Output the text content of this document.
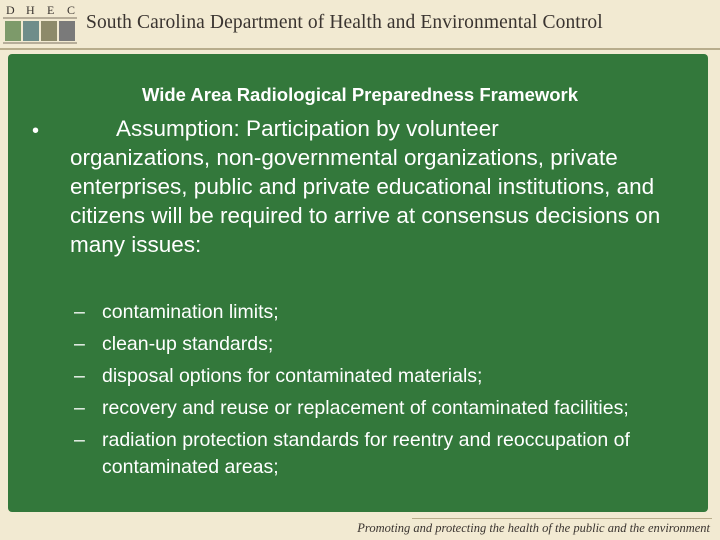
D H E C
South Carolina Department of Health and Environmental Control
Wide Area Radiological Preparedness Framework
•	Assumption: Participation by volunteer
organizations, non-governmental organizations, private enterprises, public and private educational institutions, and citizens will be required to arrive at consensus decisions on many issues:
– contamination limits;
– clean-up standards;
– disposal options for contaminated materials;
– recovery and reuse or replacement of contaminated facilities;
– radiation protection standards for reentry and reoccupation of contaminated areas;
Promoting and protecting the health of the public and the environment
